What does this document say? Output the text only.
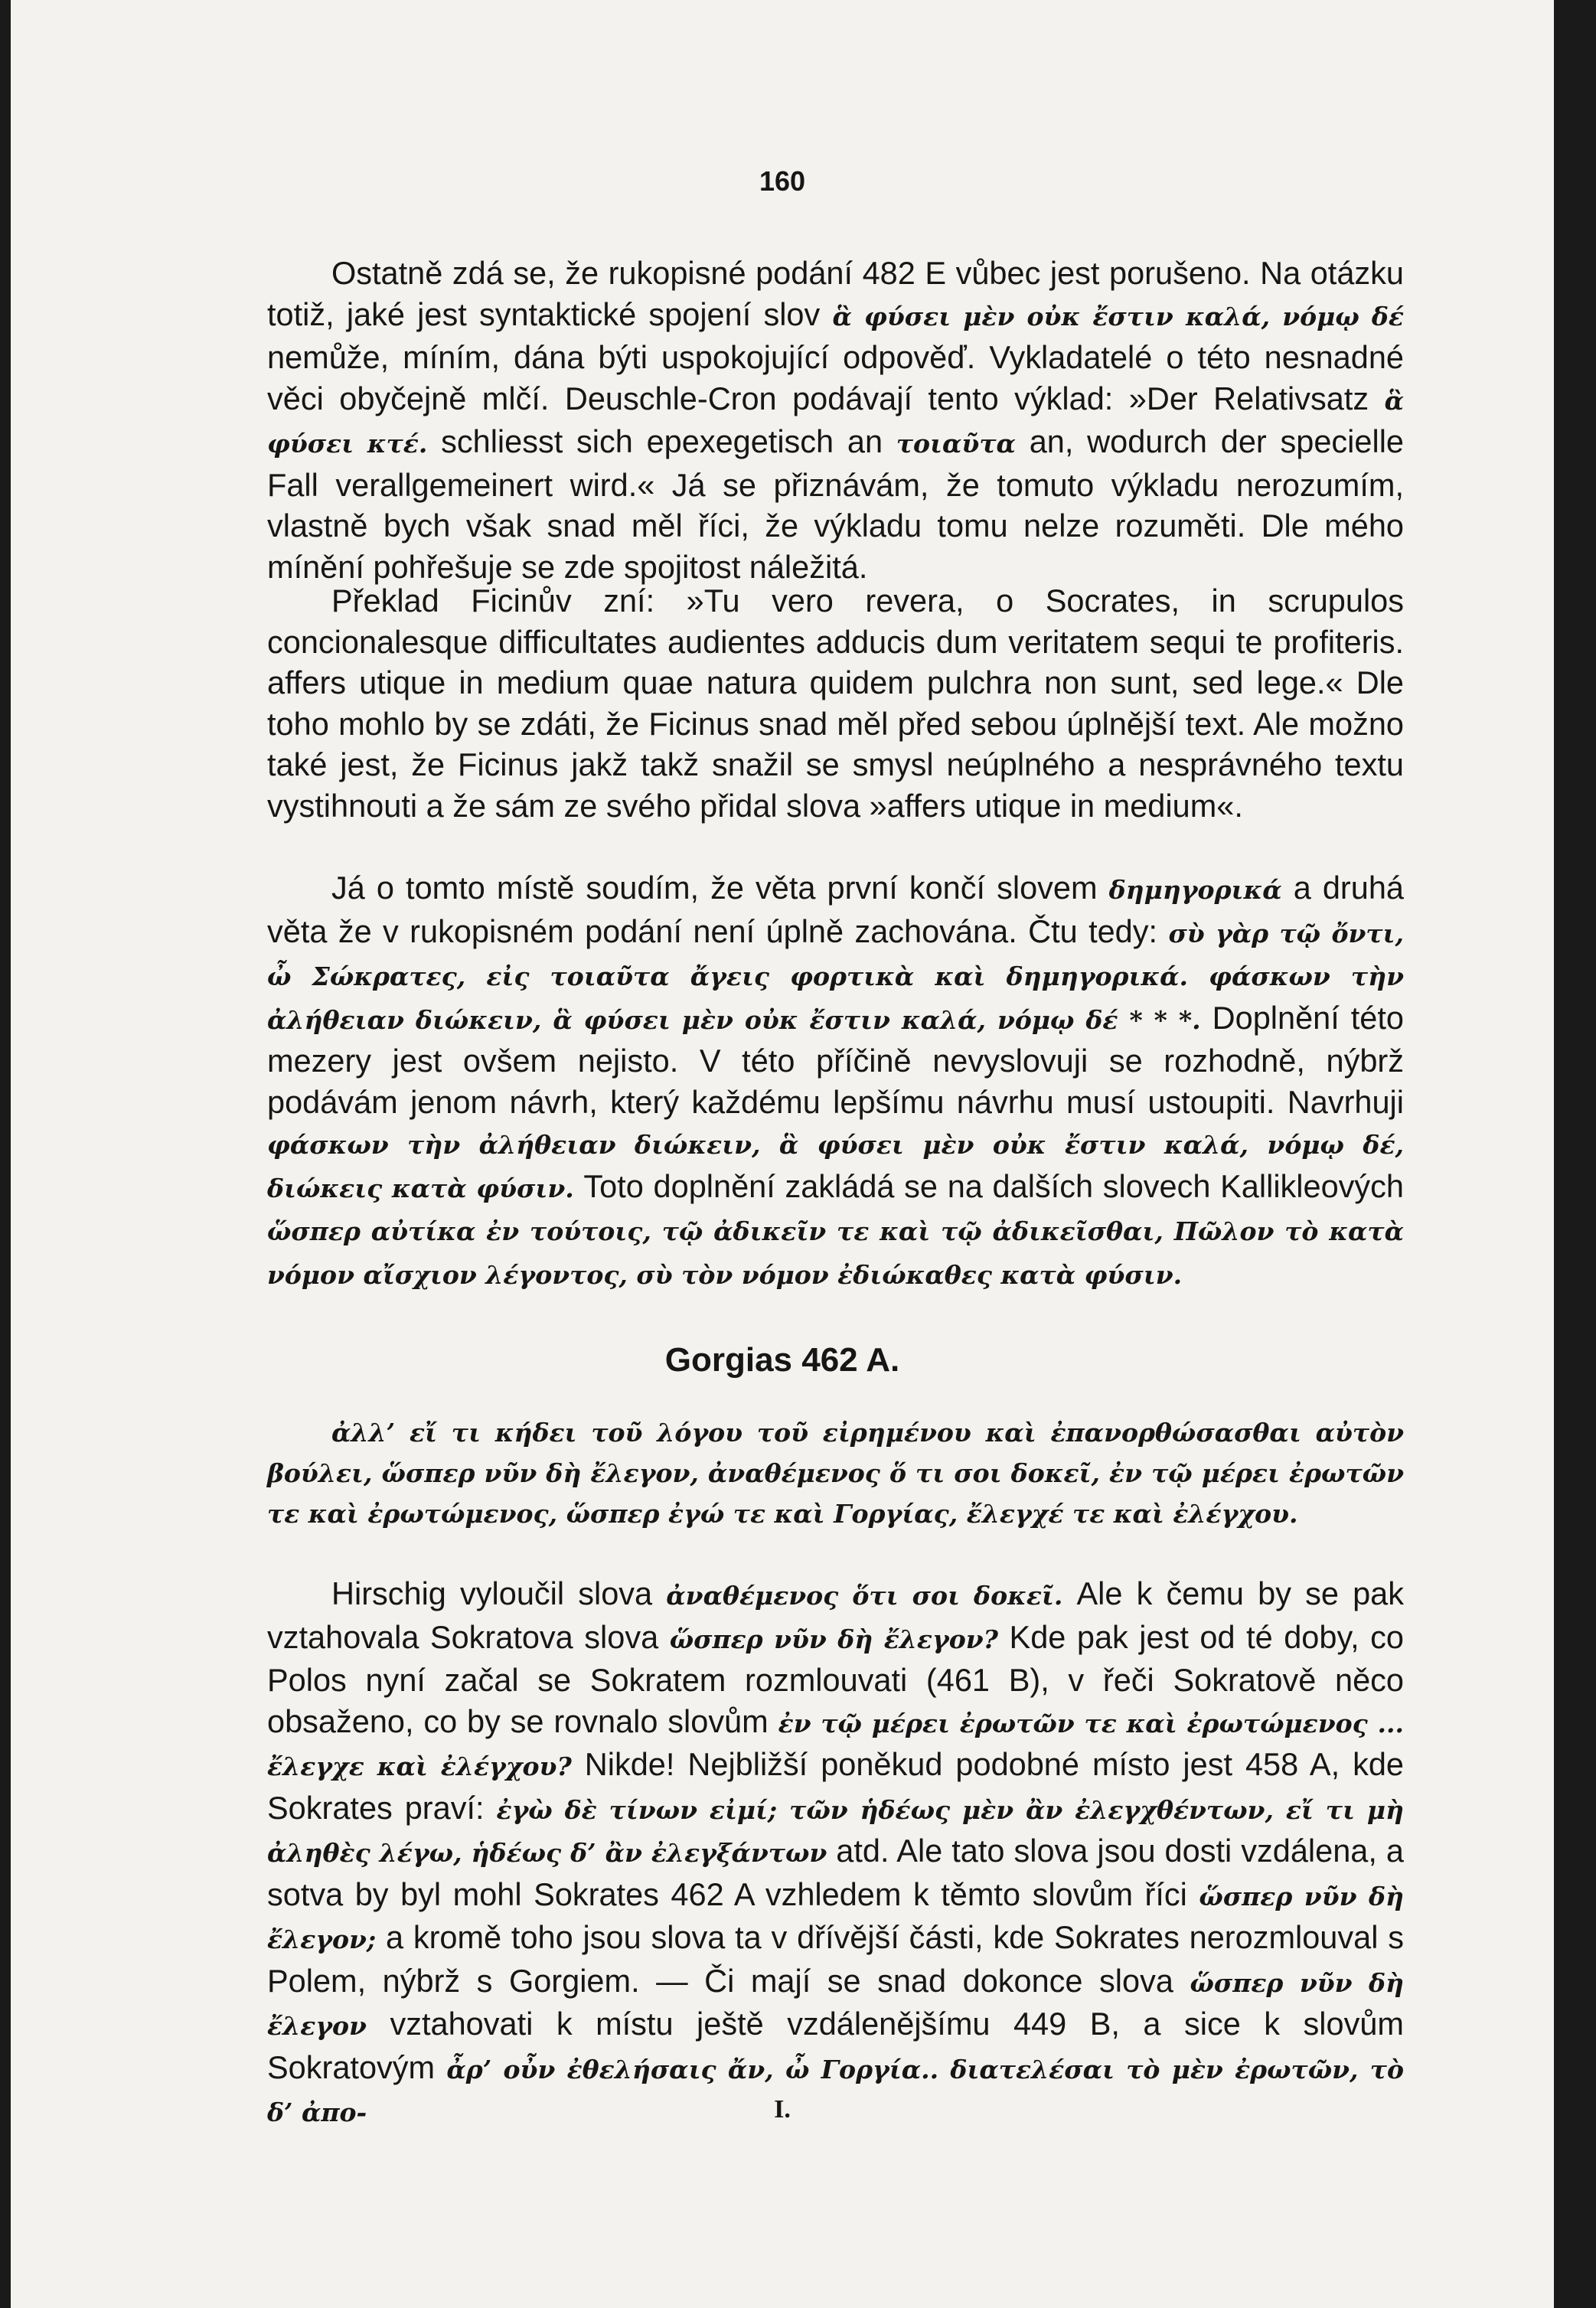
160

Ostatně zdá se, že rukopisné podání 482 E vůbec jest porušeno. Na otázku totiž, jaké jest syntaktické spojení slov ἃ φύσει μὲν οὐκ ἔστιν καλά, νόμῳ δέ nemůže, míním, dána býti uspokojující odpověď. Vykladatelé o této nesnadné věci obyčejně mlčí. Deuschle-Cron podávají tento výklad: »Der Relativsatz ἃ φύσει κτέ. schliesst sich epexegetisch an τοιαῦτα an, wodurch der specielle Fall verallgemeinert wird.« Já se přiznávám, že tomuto výkladu nerozumím, vlastně bych však snad měl říci, že výkladu tomu nelze rozuměti. Dle mého mínění pohřešuje se zde spojitost náležitá.

Překlad Ficinův zní: »Tu vero revera, o Socrates, in scrupulos concionalesque difficultates audientes adducis dum veritatem sequi te profiteris. affers utique in medium quae natura quidem pulchra non sunt, sed lege.« Dle toho mohlo by se zdáti, že Ficinus snad měl před sebou úplnější text. Ale možno také jest, že Ficinus jakž takž snažil se smysl neúplného a nesprávného textu vystihnouti a že sám ze svého přidal slova »affers utique in medium«.

Já o tomto místě soudím, že věta první končí slovem δημηγορικά a druhá věta že v rukopisném podání není úplně zachována. Čtu tedy: σὺ γὰρ τῷ ὄντι, ὦ Σώκρατες, εἰς τοιαῦτα ἄγεις φορτικὰ καὶ δημηγορικά. φάσκων τὴν ἀλήθειαν διώκειν, ἃ φύσει μὲν οὐκ ἔστιν καλά, νόμῳ δέ * * *. Doplnění této mezery jest ovšem nejisto. V této příčině nevyslovuji se rozhodně, nýbrž podávám jenom návrh, který každému lepšímu návrhu musí ustoupiti. Navrhuji φάσκων τὴν ἀλήθειαν διώκειν, ἃ φύσει μὲν οὐκ ἔστιν καλά, νόμῳ δέ, διώκεις κατὰ φύσιν. Toto doplnění zakládá se na dalších slovech Kallikleových ὥσπερ αὐτίκα ἐν τούτοις, τῷ ἀδικεῖν τε καὶ τῷ ἀδικεῖσθαι, Πῶλον τὸ κατὰ νόμον αἴσχιον λέγοντος, σὺ τὸν νόμον ἐδιώκαθες κατὰ φύσιν.

Gorgias 462 A.

ἀλλ’ εἴ τι κήδει τοῦ λόγου τοῦ εἰρημένου καὶ ἐπανορθώσασθαι αὐτὸν βούλει, ὥσπερ νῦν δὴ ἔλεγον, ἀναθέμενος ὅ τι σοι δοκεῖ, ἐν τῷ μέρει ἐρωτῶν τε καὶ ἐρωτώμενος, ὥσπερ ἐγώ τε καὶ Γοργίας, ἔλεγχέ τε καὶ ἐλέγχου.

Hirschig vyloučil slova ἀναθέμενος ὅτι σοι δοκεῖ. Ale k čemu by se pak vztahovala Sokratova slova ὥσπερ νῦν δὴ ἔλεγον? Kde pak jest od té doby, co Polos nyní začal se Sokratem rozmlouvati (461 B), v řeči Sokratově něco obsaženo, co by se rovnalo slovům ἐν τῷ μέρει ἐρωτῶν τε καὶ ἐρωτώμενος ... ἔλεγχε καὶ ἐλέγχου? Nikde! Nejbližší poněkud podobné místo jest 458 A, kde Sokrates praví: ἐγὼ δὲ τίνων εἰμί; τῶν ἡδέως μὲν ἂν ἐλεγχθέντων, εἴ τι μὴ ἀληθὲς λέγω, ἡδέως δ’ ἂν ἐλεγξάντων atd. Ale tato slova jsou dosti vzdálena, a sotva by byl mohl Sokrates 462 A vzhledem k těmto slovům říci ὥσπερ νῦν δὴ ἔλεγον; a kromě toho jsou slova ta v dřívější části, kde Sokrates nerozmlouval s Polem, nýbrž s Gorgiem. — Či mají se snad dokonce slova ὥσπερ νῦν δὴ ἔλεγον vztahovati k místu ještě vzdálenějšímu 449 B, a sice k slovům Sokratovým ἆρ’ οὖν ἐθελήσαις ἄν, ὦ Γοργία.. διατελέσαι τὸ μὲν ἐρωτῶν, τὸ δ’ ἀπο-	I.
